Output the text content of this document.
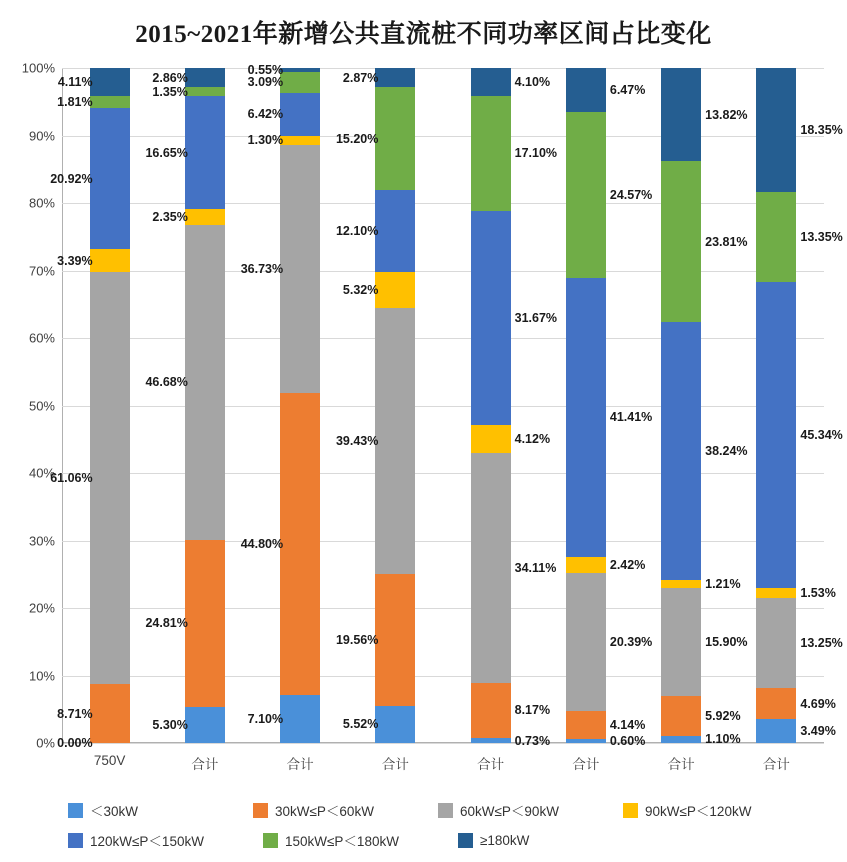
2015~2021年新增公共直流桩不同功率区间占比变化
0%
10%
20%
30%
40%
50%
60%
70%
80%
90%
100%
0.00%
8.71%
61.06%
3.39%
20.92%
1.81%
4.11%
750V
5.30%
24.81%
46.68%
2.35%
16.65%
1.35%
2.86%
合计
7.10%
44.80%
36.73%
1.30%
6.42%
3.09%
0.55%
合计
5.52%
19.56%
39.43%
5.32%
12.10%
15.20%
2.87%
合计
0.73%
8.17%
34.11%
4.12%
31.67%
17.10%
4.10%
合计
0.60%
4.14%
20.39%
2.42%
41.41%
24.57%
6.47%
合计
1.10%
5.92%
15.90%
1.21%
38.24%
23.81%
13.82%
合计
3.49%
4.69%
13.25%
1.53%
45.34%
13.35%
18.35%
合计
＜30kW	30kW≤P＜60kW	60kW≤P＜90kW	90kW≤P＜120kW
120kW≤P＜150kW	150kW≤P＜180kW	≥180kW
